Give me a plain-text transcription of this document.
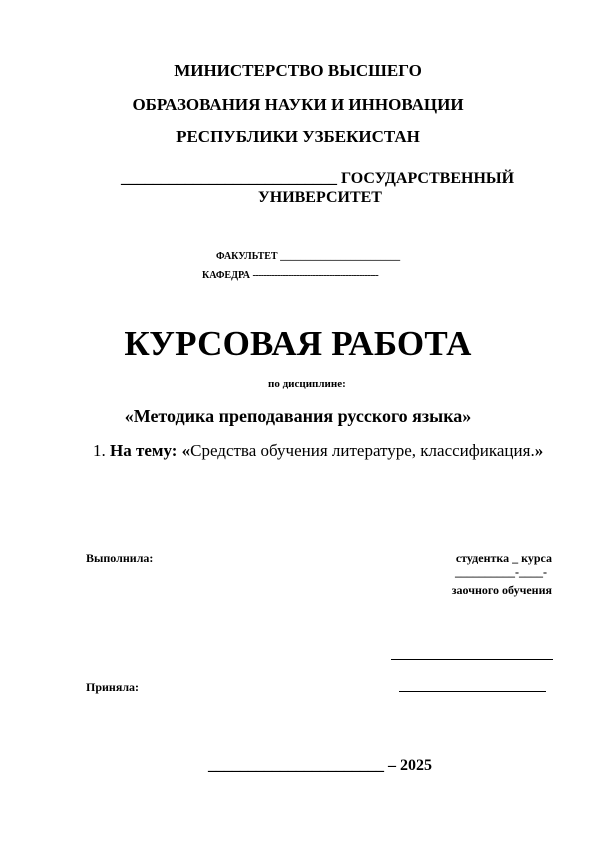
МИНИСТЕРСТВО ВЫСШЕГО
ОБРАЗОВАНИЯ НАУКИ И ИННОВАЦИИ
РЕСПУБЛИКИ УЗБЕКИСТАН
___________________________ ГОСУДАРСТВЕННЫЙ
УНИВЕРСИТЕТ
ФАКУЛЬТЕТ ________________________
КАФЕДРА ----------------------------------------------
КУРСОВАЯ РАБОТА
по дисциплине:
«Методика преподавания русского языка»
1. На тему: «Средства обучения литературе, классификация.»
Выполнила:	студентка _ курса
__________-____-
заочного обучения
Приняла:
______________________ – 2025
